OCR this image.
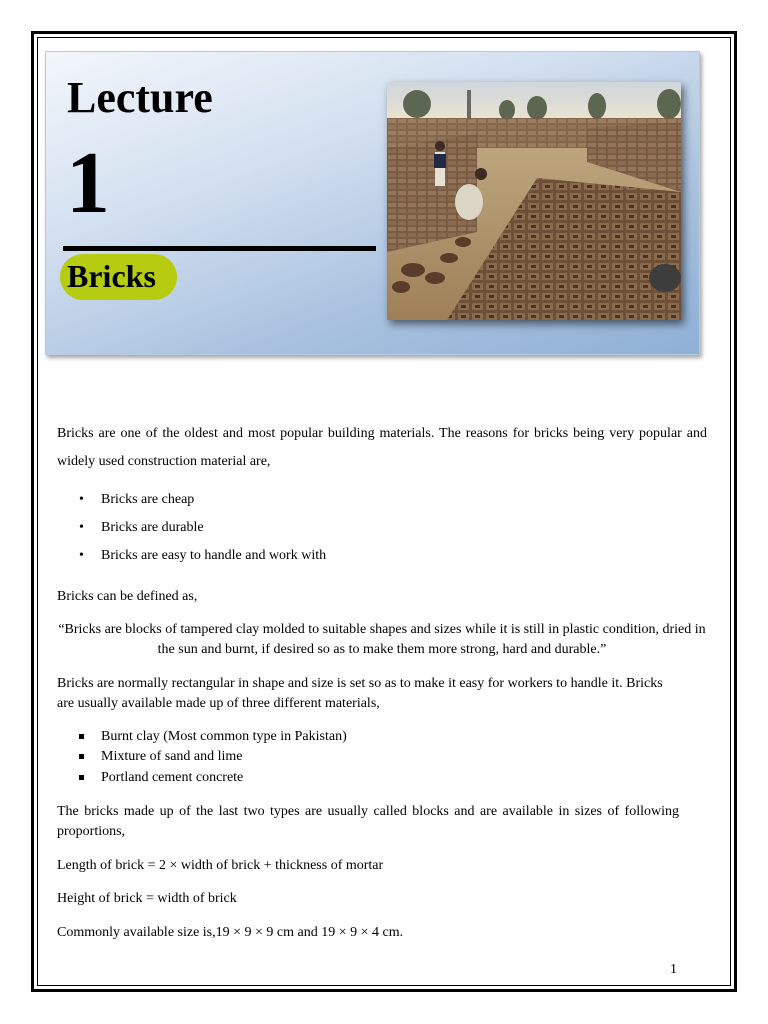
Lecture
1
Bricks
Bricks are one of the oldest and most popular building materials. The reasons for bricks being very popular and widely used construction material are,
• Bricks are cheap
• Bricks are durable
• Bricks are easy to handle and work with
Bricks can be defined as,
“Bricks are blocks of tampered clay molded to suitable shapes and sizes while it is still in plastic condition, dried in the sun and burnt, if desired so as to make them more strong, hard and durable.”
Bricks are normally rectangular in shape and size is set so as to make it easy for workers to handle it. Bricks are usually available made up of three different materials,
Burnt clay (Most common type in Pakistan)
Mixture of sand and lime
Portland cement concrete
The bricks made up of the last two types are usually called blocks and are available in sizes of following proportions,
Length of brick = 2 × width of brick + thickness of mortar
Height of brick = width of brick
Commonly available size is,19 × 9 × 9 cm and 19 × 9 × 4 cm.
1
